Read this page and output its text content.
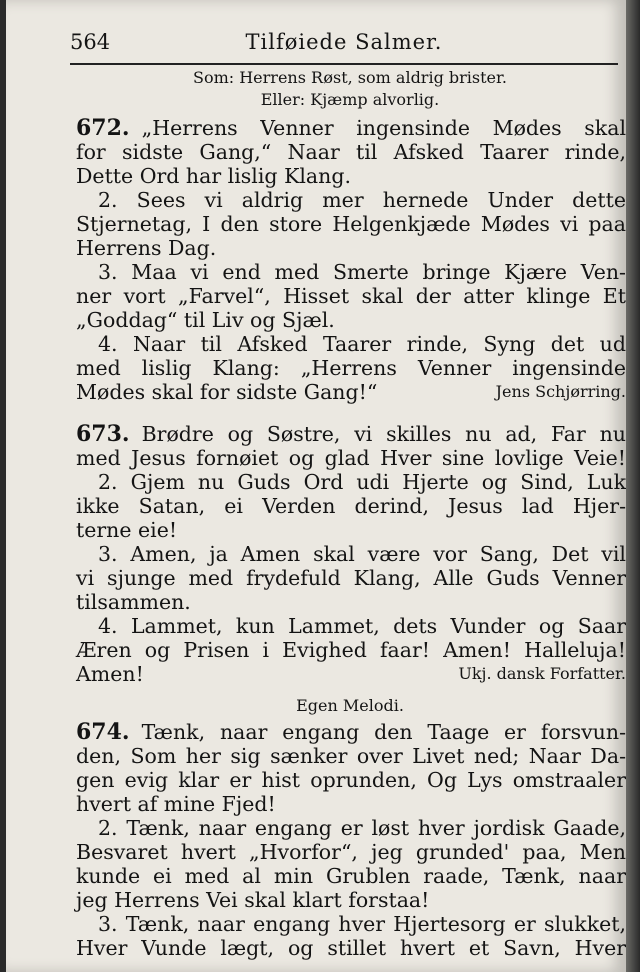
564	Tilføiede Salmer.
Som: Herrens Røst, som aldrig brister.
Eller: Kjæmp alvorlig.
672. „Herrens Venner ingensinde Mødes skal
for sidste Gang,“ Naar til Afsked Taarer rinde,
Dette Ord har lislig Klang.
2. Sees vi aldrig mer hernede Under dette
Stjernetag, I den store Helgenkjæde Mødes vi paa
Herrens Dag.
3. Maa vi end med Smerte bringe Kjære Ven-
ner vort „Farvel“, Hisset skal der atter klinge Et
„Goddag“ til Liv og Sjæl.
4. Naar til Afsked Taarer rinde, Syng det ud
med lislig Klang: „Herrens Venner ingensinde
Mødes skal for sidste Gang!“	Jens Schjørring.
673. Brødre og Søstre, vi skilles nu ad, Far nu
med Jesus fornøiet og glad Hver sine lovlige Veie!
2. Gjem nu Guds Ord udi Hjerte og Sind, Luk
ikke Satan, ei Verden derind, Jesus lad Hjer-
terne eie!
3. Amen, ja Amen skal være vor Sang, Det vil
vi sjunge med frydefuld Klang, Alle Guds Venner
tilsammen.
4. Lammet, kun Lammet, dets Vunder og Saar
Æren og Prisen i Evighed faar! Amen! Halleluja!
Amen!	Ukj. dansk Forfatter.
Egen Melodi.
674. Tænk, naar engang den Taage er forsvun-
den, Som her sig sænker over Livet ned; Naar Da-
gen evig klar er hist oprunden, Og Lys omstraaler
hvert af mine Fjed!
2. Tænk, naar engang er løst hver jordisk Gaade,
Besvaret hvert „Hvorfor“, jeg grunded' paa, Men
kunde ei med al min Grublen raade, Tænk, naar
jeg Herrens Vei skal klart forstaa!
3. Tænk, naar engang hver Hjertesorg er slukket,
Hver Vunde lægt, og stillet hvert et Savn, Hver
